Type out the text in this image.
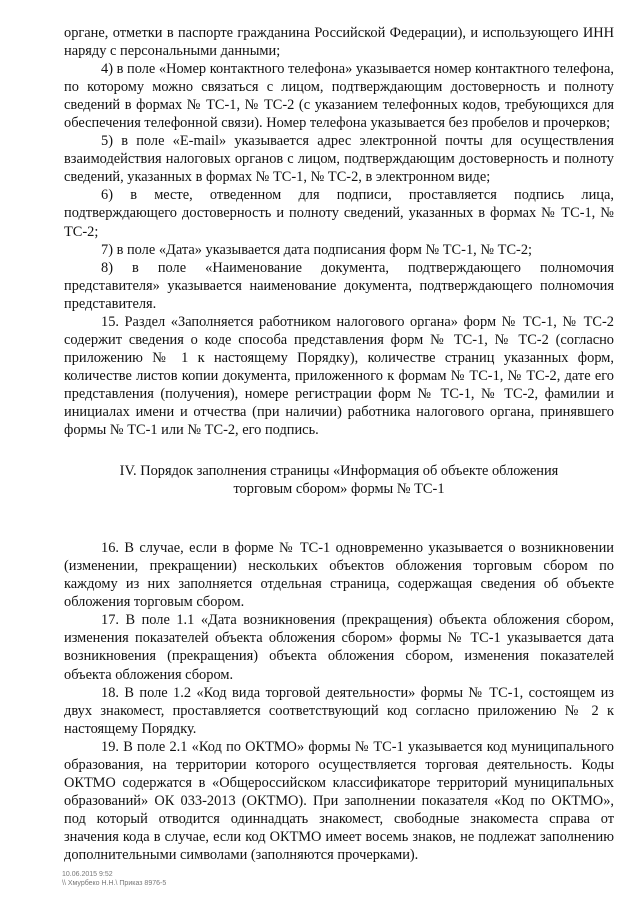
органе, отметки в паспорте гражданина Российской Федерации), и использующего ИНН наряду с персональными данными;

4) в поле «Номер контактного телефона» указывается номер контактного телефона, по которому можно связаться с лицом, подтверждающим достоверность и полноту сведений в формах № ТС-1, № ТС-2 (с указанием телефонных кодов, требующихся для обеспечения телефонной связи). Номер телефона указывается без пробелов и прочерков;

5) в поле «E-mail» указывается адрес электронной почты для осуществления взаимодействия налоговых органов с лицом, подтверждающим достоверность и полноту сведений, указанных в формах № ТС-1, № ТС-2, в электронном виде;

6) в месте, отведенном для подписи, проставляется подпись лица, подтверждающего достоверность и полноту сведений, указанных в формах № ТС-1, № ТС-2;

7) в поле «Дата» указывается дата подписания форм № ТС-1, № ТС-2;

8) в поле «Наименование документа, подтверждающего полномочия представителя» указывается наименование документа, подтверждающего полномочия представителя.

15. Раздел «Заполняется работником налогового органа» форм № ТС-1, № ТС-2 содержит сведения о коде способа представления форм № ТС-1, № ТС-2 (согласно приложению № 1 к настоящему Порядку), количестве страниц указанных форм, количестве листов копии документа, приложенного к формам № ТС-1, № ТС-2, дате его представления (получения), номере регистрации форм № ТС-1, № ТС-2, фамилии и инициалах имени и отчества (при наличии) работника налогового органа, принявшего формы № ТС-1 или № ТС-2, его подпись.

IV. Порядок заполнения страницы «Информация об объекте обложения торговым сбором» формы № ТС-1

16. В случае, если в форме № ТС-1 одновременно указывается о возникновении (изменении, прекращении) нескольких объектов обложения торговым сбором по каждому из них заполняется отдельная страница, содержащая сведения об объекте обложения торговым сбором.

17. В поле 1.1 «Дата возникновения (прекращения) объекта обложения сбором, изменения показателей объекта обложения сбором» формы № ТС-1 указывается дата возникновения (прекращения) объекта обложения сбором, изменения показателей объекта обложения сбором.

18. В поле 1.2 «Код вида торговой деятельности» формы № ТС-1, состоящем из двух знакомест, проставляется соответствующий код согласно приложению № 2 к настоящему Порядку.

19. В поле 2.1 «Код по ОКТМО» формы № ТС-1 указывается код муниципального образования, на территории которого осуществляется торговая деятельность. Коды ОКТМО содержатся в «Общероссийском классификаторе территорий муниципальных образований» ОК 033-2013 (ОКТМО). При заполнении показателя «Код по ОКТМО», под который отводится одиннадцать знакомест, свободные знакоместа справа от значения кода в случае, если код ОКТМО имеет восемь знаков, не подлежат заполнению дополнительными символами (заполняются прочерками).

10.06.2015 9:52
\\ Хмурбеко Н.Н.\ Приказ 8976-5
